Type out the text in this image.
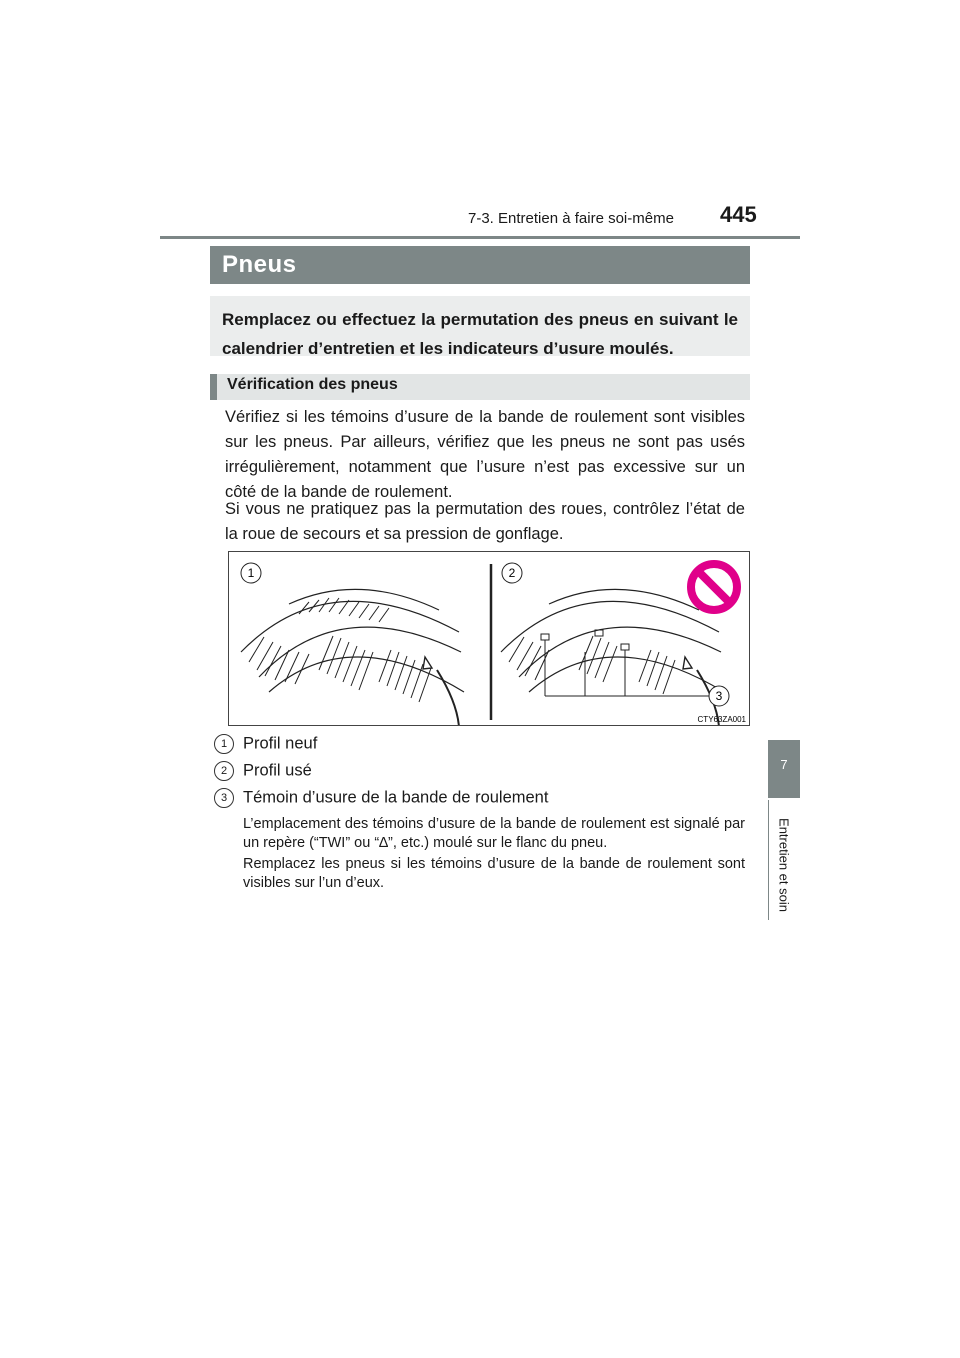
7-3. Entretien à faire soi-même 445
7
Entretien et soin
Pneus
Remplacez ou effectuez la permutation des pneus en suivant le calendrier d’entretien et les indicateurs d’usure moulés.
Vérification des pneus

Vérifiez si les témoins d’usure de la bande de roulement sont visibles sur les pneus. Par ailleurs, vérifiez que les pneus ne sont pas usés irrégulièrement, notamment que l’usure n’est pas excessive sur un côté de la bande de roulement.

Si vous ne pratiquez pas la permutation des roues, contrôlez l’état de la roue de secours et sa pression de gonflage.

1	2
3
CTY63ZA001
1 Profil neuf
2 Profil usé
3 Témoin d’usure de la bande de roulement

L’emplacement des témoins d’usure de la bande de roulement est signalé par un repère (“TWI” ou “∆”, etc.) moulé sur le flanc du pneu.

Remplacez les pneus si les témoins d’usure de la bande de roulement sont visibles sur l’un d’eux.
